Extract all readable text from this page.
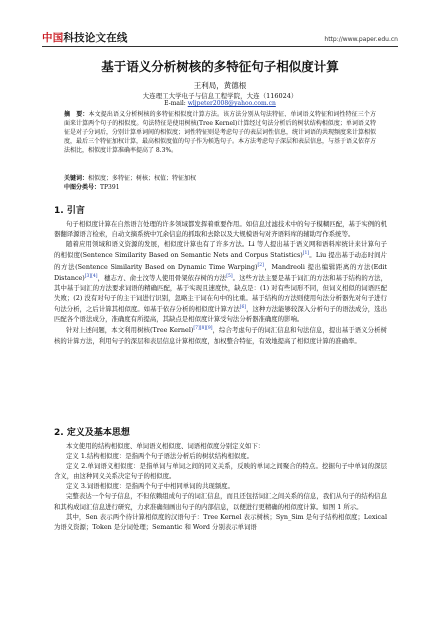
中国科技论文在线	http://www.paper.edu.cn
基于语义分析树核的多特征句子相似度计算
王利局，黄德根
大连理工大学电子与信息工程学院，大连（116024）
E-mail: wljpeter2008@yahoo.com.cn
摘　要：本文提出语义分析树核的多特征相似度计算方法。该方法分别从句法特征、单词语义特征和词性特征三个方面来计算两个句子的相似度。句法特征是使用树核(Tree Kernel)计算经过句法分析后的树状结构相似度；单词语义特征是对子分词后，分别计算单词间的相似度；词性特征则是考虑句子的表层词性信息，统计词语的共现频度来计算相似度，最后三个特征加权计算，最高相似度值的句子作为候选句子。本方法考虑句子深层和表层信息，与基于语义依存方法相比，相似度计算准确率提高了 8.3%。
关键词：相似度；多特征；树核；权值；特征加权
中图分类号：TP391
1. 引言

句子相似度计算在自然语言处理的许多领域都发挥着重要作用。如信息过滤技术中的句子模糊匹配，基于实例的机器翻译源语言检索，自动文摘系统中冗余信息的抓取和去除以及大规模语句对齐语料库的辅助写作系统等。

随着应用领域和语义资源的发展，相似度计算也有了许多方法。Li 等人提出基于语义网和语料库统计来计算句子的相似度(Sentence Similarity Based on Semantic Nets and Corpus Statistics)[1]。Liu 提出基于动态时间片的方法(Sentence Similarity Based on Dynamic Time Warping)[2]，Mandreoli 提出编辑距离的方法(Edit Distance)[3][4]，穗志方、俞士汶等人使用骨架依存树的方法[5]。这些方法主要是基于词汇的方法和基于结构的方法，其中基于词汇的方法要求词语的精确匹配，基于实现且速度快，缺点是：(1) 对有些词形不同，但词义相似的词语匹配失败；(2) 没有对句子的主干词进行识别，忽略主干词在句中的比重。基于结构的方法则使用句法分析器先对句子进行句法分析，之后计算其相似度。如基于依存分析的相似度计算方法[6]，这种方法能够较深入分析句子的语法成分，选出匹配各个语法成分，准确度有所提高，其缺点是相似度计算受句法分析器准确度的影响。

针对上述问题，本文利用树核(Tree Kernel)[7][8][9]，综合考虑句子的词汇信息和句法信息，提出基于语义分析树核的计算方法，利用句子的深层和表层信息计算相似度，加权整合特征，有效地提高了相似度计算的准确率。

2. 定义及基本思想

本文使用的结构相似度、单词语义相似度、词语相似度分别定义如下：

定义 1.结构相似度：是指两个句子语法分析后的树状结构相似度。

定义 2.单词语义相似度：是指单词与单词之间的同义关系，反映的单词之间聚合的特点。挖掘句子中单词的深层含义，由这种同义关系决定句子的相似度。

定义 3.词语相似度：是指两个句子中相同单词的共现频度。

完整表达一个句子信息，不但依赖组成句子的词汇信息，而且还包括词汇之间关系的信息，我们从句子的结构信息和其构成词汇信息进行研究，力求准确刻画出句子的内部信息，以便进行更精确的相似度计算。如图 1 所示。

其中，Sen 表示两个待计算相似度的汉语句子：Tree Kernel 表示树核；Syn_Sim 是句子结构相似度；Lexical 为语义资源；Token 是分词处理；Semantic 和 Word 分别表示单词语
